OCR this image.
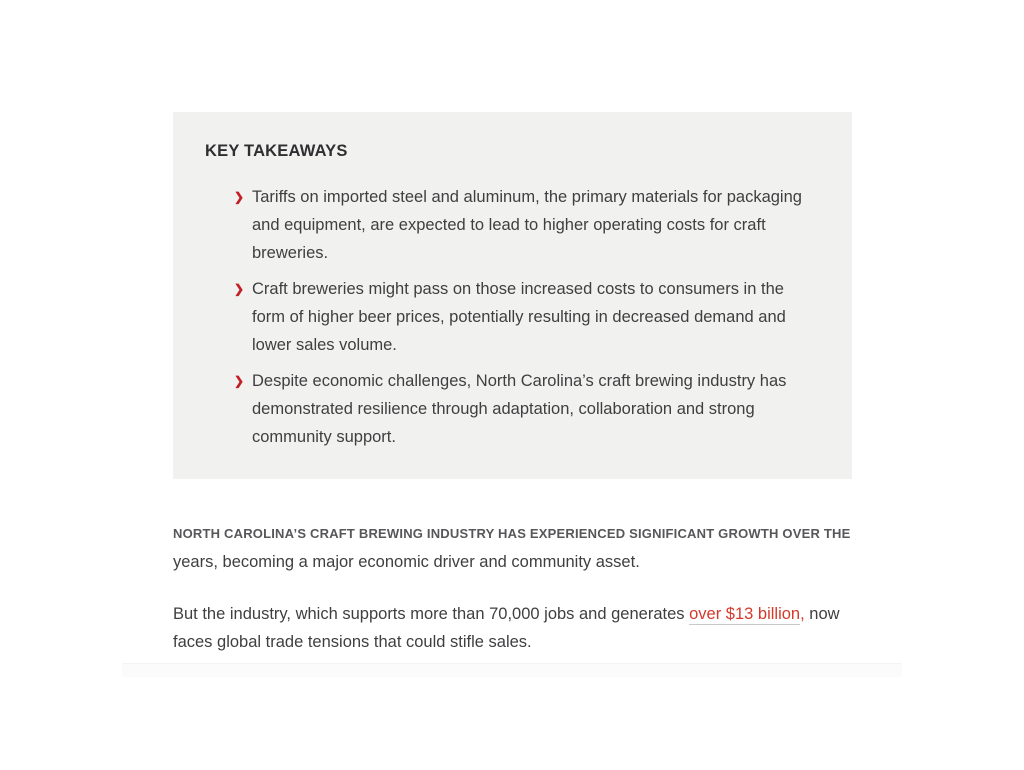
KEY TAKEAWAYS
❯ Tariffs on imported steel and aluminum, the primary materials for packaging and equipment, are expected to lead to higher operating costs for craft breweries.
❯ Craft breweries might pass on those increased costs to consumers in the form of higher beer prices, potentially resulting in decreased demand and lower sales volume.
❯ Despite economic challenges, North Carolina’s craft brewing industry has demonstrated resilience through adaptation, collaboration and strong community support.

NORTH CAROLINA’S CRAFT BREWING INDUSTRY HAS EXPERIENCED SIGNIFICANT GROWTH OVER THE years, becoming a major economic driver and community asset.

But the industry, which supports more than 70,000 jobs and generates over $13 billion, now faces global trade tensions that could stifle sales.
